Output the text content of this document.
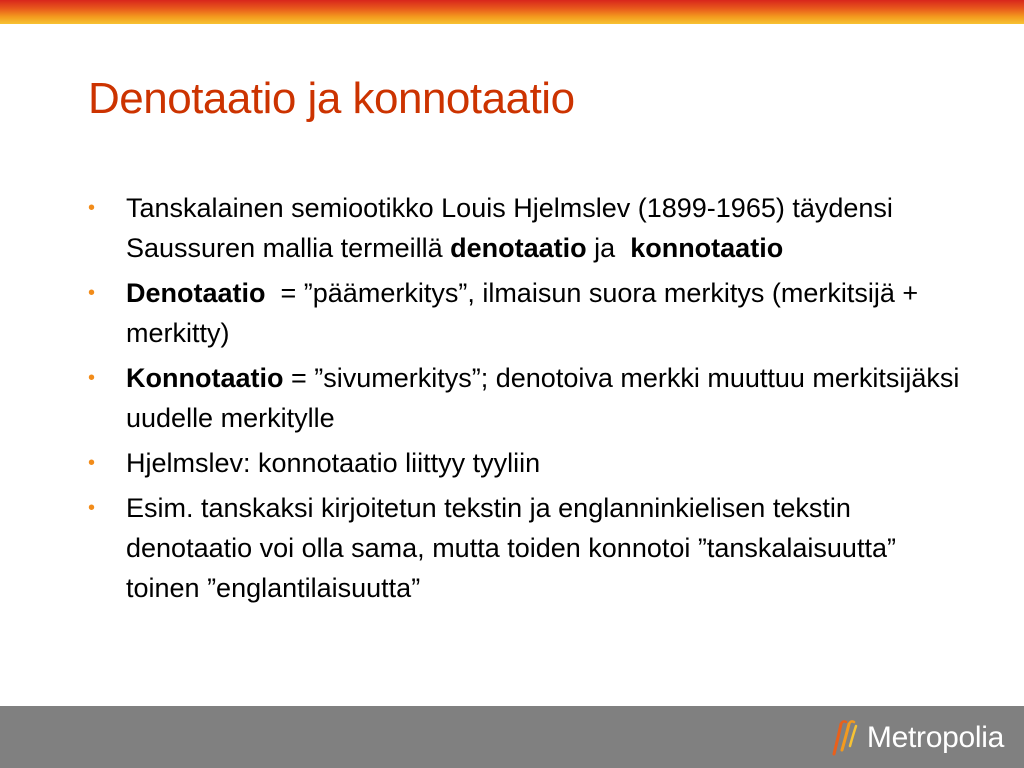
Denotaatio ja konnotaatio
•	Tanskalainen semiootikko Louis Hjelmslev (1899-1965) täydensi Saussuren mallia termeillä denotaatio ja  konnotaatio
•	Denotaatio  = ”päämerkitys”, ilmaisun suora merkitys (merkitsijä + merkitty)
•	Konnotaatio = ”sivumerkitys”; denotoiva merkki muuttuu merkitsijäksi uudelle merkitylle
•	Hjelmslev: konnotaatio liittyy tyyliin
•	Esim. tanskaksi kirjoitetun tekstin ja englanninkielisen tekstin denotaatio voi olla sama, mutta toiden konnotoi ”tanskalaisuutta” toinen ”englantilaisuutta”
Metropolia
